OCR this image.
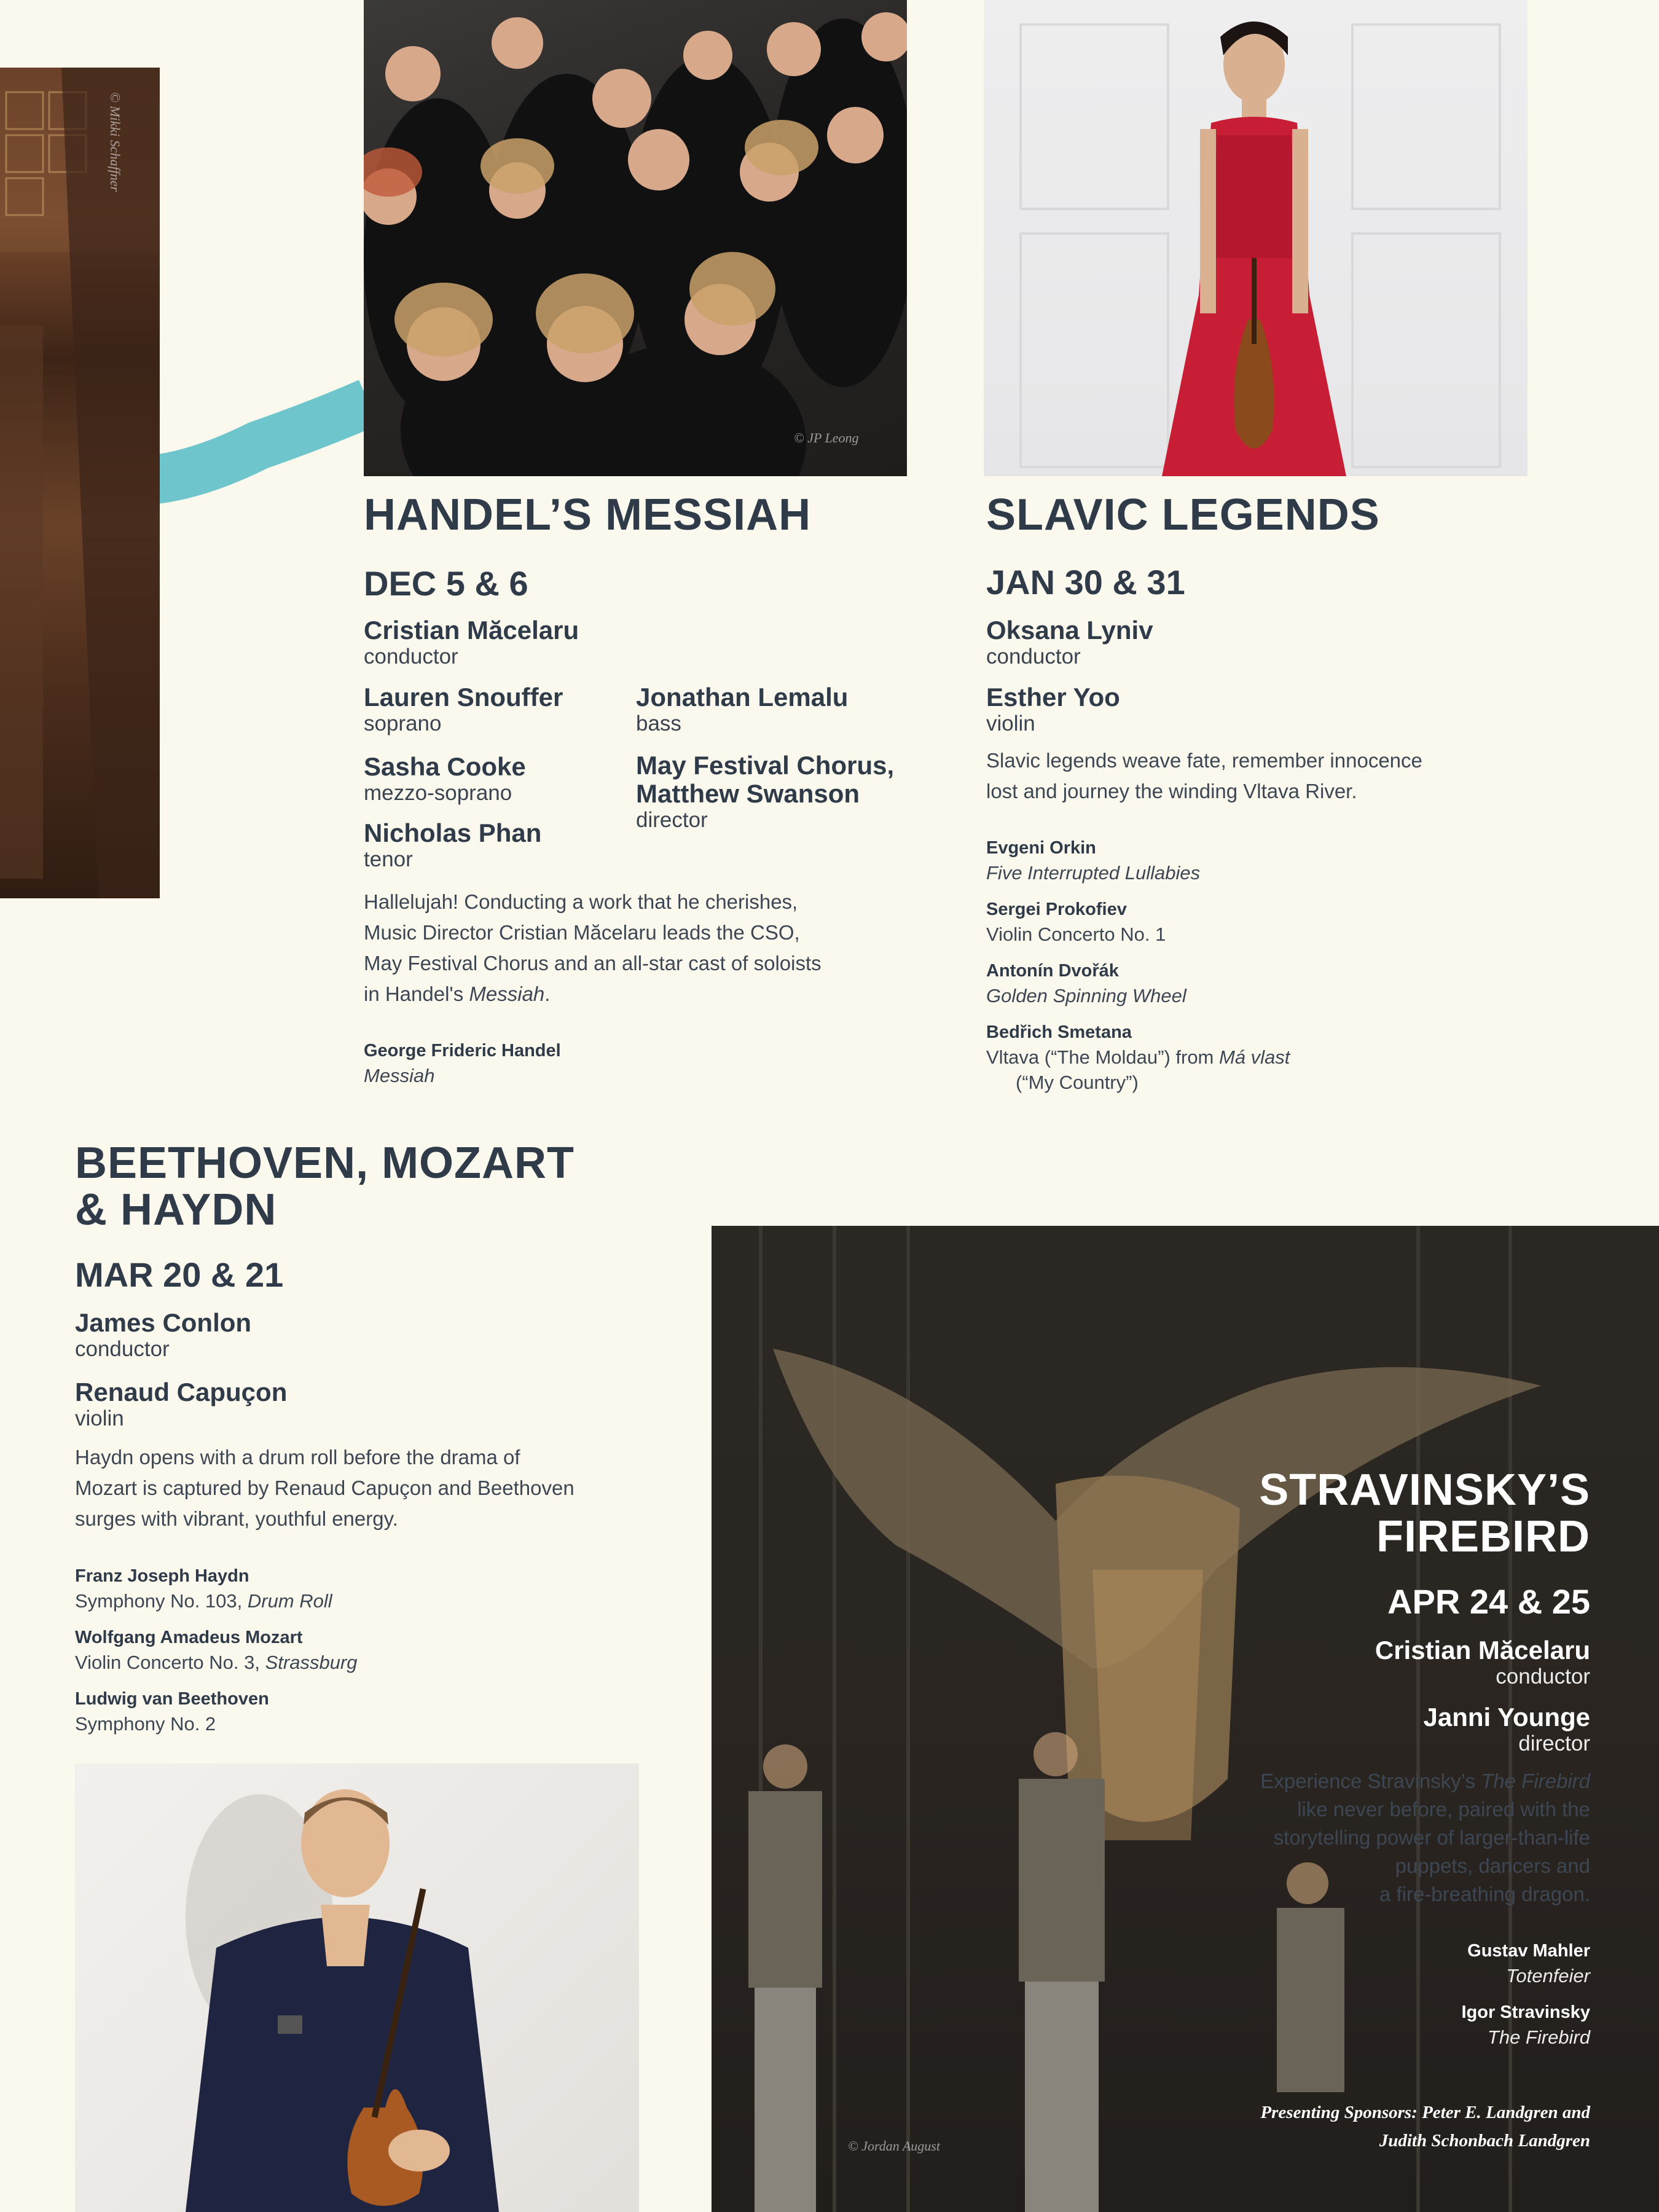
© Mikki Schaffner
© JP Leong
HANDEL’S MESSIAH
DEC 5 & 6
Cristian Măcelaru
conductor
Lauren Snouffer
soprano
Sasha Cooke
mezzo-soprano
Nicholas Phan
tenor
Jonathan Lemalu
bass
May Festival Chorus,
Matthew Swanson
director
Hallelujah! Conducting a work that he cherishes,
Music Director Cristian Măcelaru leads the CSO,
May Festival Chorus and an all-star cast of soloists
in Handel's Messiah.
George Frideric Handel
Messiah
SLAVIC LEGENDS
JAN 30 & 31
Oksana Lyniv
conductor
Esther Yoo
violin
Slavic legends weave fate, remember innocence
lost and journey the winding Vltava River.
Evgeni Orkin
Five Interrupted Lullabies
Sergei Prokofiev
Violin Concerto No. 1
Antonín Dvořák
Golden Spinning Wheel
Bedřich Smetana
Vltava (“The Moldau”) from Má vlast
(“My Country”)
BEETHOVEN, MOZART
& HAYDN
MAR 20 & 21
James Conlon
conductor
Renaud Capuçon
violin
Haydn opens with a drum roll before the drama of
Mozart is captured by Renaud Capuçon and Beethoven
surges with vibrant, youthful energy.
Franz Joseph Haydn
Symphony No. 103, Drum Roll
Wolfgang Amadeus Mozart
Violin Concerto No. 3, Strassburg
Ludwig van Beethoven
Symphony No. 2
© Jordan August
STRAVINSKY’S
FIREBIRD
APR 24 & 25
Cristian Măcelaru
conductor
Janni Younge
director
Experience Stravinsky’s The Firebird
like never before, paired with the
storytelling power of larger-than-life
puppets, dancers and
a fire-breathing dragon.
Gustav Mahler
Totenfeier
Igor Stravinsky
The Firebird
Presenting Sponsors: Peter E. Landgren and
Judith Schonbach Landgren
